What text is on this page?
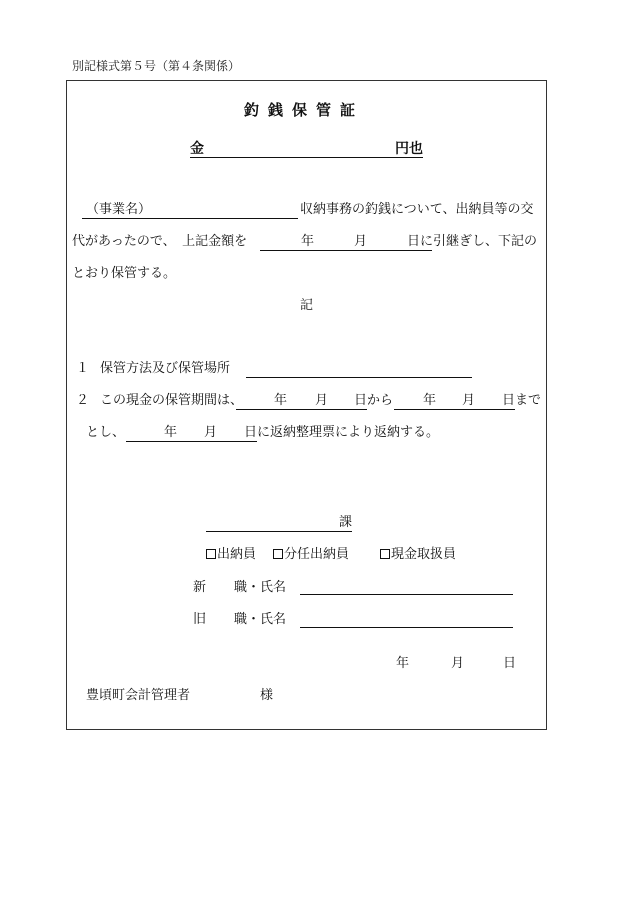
別記様式第５号（第４条関係）
釣銭保管証
金	円也
（事業名）	収納事務の釣銭について、出納員等の交
代があったので、　上記金額を	年	月	日 に引継ぎし、下記の
とおり保管する。
記
１ 保管方法及び保管場所
２ この現金の保管期間は、 年 月 日 から 年 月 日 まで
とし、	年 月 日 に返納整理票により返納する。
課
出納員	分任出納員	現金取扱員
新 職・氏名
旧 職・氏名
年	月	日
豊頃町会計管理者	様
